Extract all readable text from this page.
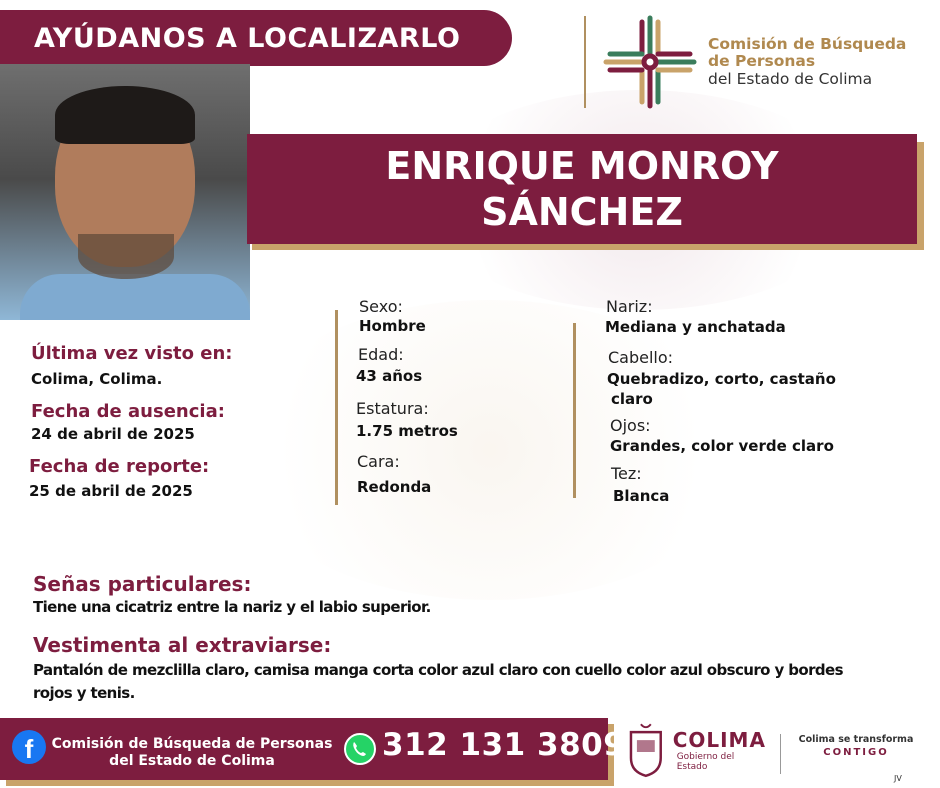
AYÚDANOS A LOCALIZARLO	Comisión de Búsqueda
de Personas
del Estado de Colima
ENRIQUE MONROY
SÁNCHEZ
Última vez visto en:
Colima, Colima.
Fecha de ausencia:
24 de abril de 2025
Fecha de reporte:
25 de abril de 2025
Sexo:
Hombre
Edad:
43 años
Estatura:
1.75 metros
Cara:
Redonda
Nariz:
Mediana y anchatada
Cabello:
Quebradizo, corto, castaño
claro
Ojos:
Grandes, color verde claro
Tez:
Blanca
Señas particulares:
Tiene una cicatriz entre la nariz y el labio superior.
Vestimenta al extraviarse:
Pantalón de mezclilla claro, camisa manga corta color azul claro con cuello color azul obscuro y bordes
rojos y tenis.
f	Comisión de Búsqueda de Personas
del Estado de Colima	312 131 3809 COLIMA
Gobierno del Estado
Colima se transforma
CONTIGO
JV
